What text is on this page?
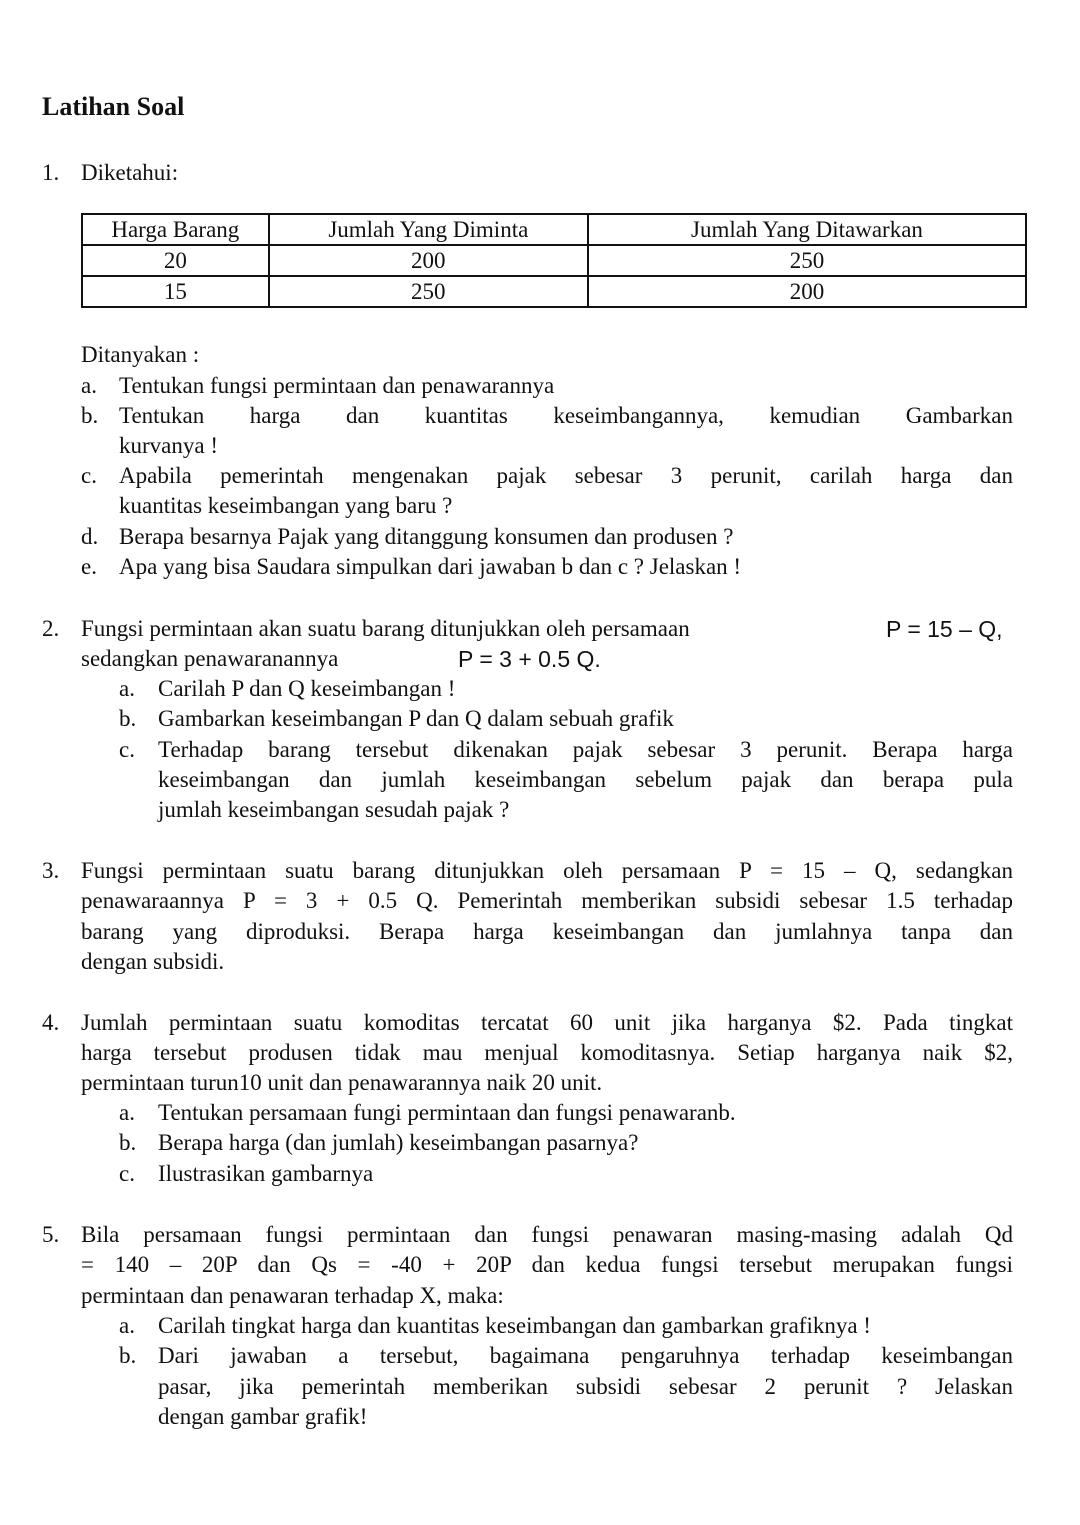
Latihan Soal
1. Diketahui:
Harga Barang	Jumlah Yang Diminta	Jumlah Yang Ditawarkan
20	200	250
15	250	200
Ditanyakan :
a. Tentukan fungsi permintaan dan penawarannya
b. Tentukan harga dan kuantitas keseimbangannya, kemudian Gambarkan
kurvanya !
c. Apabila pemerintah mengenakan pajak sebesar 3 perunit, carilah harga dan
kuantitas keseimbangan yang baru ?
d. Berapa besarnya Pajak yang ditanggung konsumen dan produsen ?
e. Apa yang bisa Saudara simpulkan dari jawaban b dan c ? Jelaskan !
2. Fungsi permintaan akan suatu barang ditunjukkan oleh persamaan	P = 15 – Q,
sedangkan penawaranannya	P = 3 + 0.5 Q.
a. Carilah P dan Q keseimbangan !
b. Gambarkan keseimbangan P dan Q dalam sebuah grafik
c. Terhadap barang tersebut dikenakan pajak sebesar 3 perunit. Berapa harga
keseimbangan dan jumlah keseimbangan sebelum pajak dan berapa pula
jumlah keseimbangan sesudah pajak ?
3. Fungsi permintaan suatu barang ditunjukkan oleh persamaan P = 15 – Q, sedangkan
penawaraannya P = 3 + 0.5 Q. Pemerintah memberikan subsidi sebesar 1.5 terhadap
barang yang diproduksi. Berapa harga keseimbangan dan jumlahnya tanpa dan
dengan subsidi.
4. Jumlah permintaan suatu komoditas tercatat 60 unit jika harganya $2. Pada tingkat
harga tersebut produsen tidak mau menjual komoditasnya. Setiap harganya naik $2,
permintaan turun10 unit dan penawarannya naik 20 unit.
a. Tentukan persamaan fungi permintaan dan fungsi penawaranb.
b. Berapa harga (dan jumlah) keseimbangan pasarnya?
c. Ilustrasikan gambarnya
5. Bila persamaan fungsi permintaan dan fungsi penawaran masing-masing adalah Qd
= 140 – 20P dan Qs = -40 + 20P dan kedua fungsi tersebut merupakan fungsi
permintaan dan penawaran terhadap X, maka:
a. Carilah tingkat harga dan kuantitas keseimbangan dan gambarkan grafiknya !
b. Dari jawaban a tersebut, bagaimana pengaruhnya terhadap keseimbangan
pasar, jika pemerintah memberikan subsidi sebesar 2 perunit ? Jelaskan
dengan gambar grafik!
